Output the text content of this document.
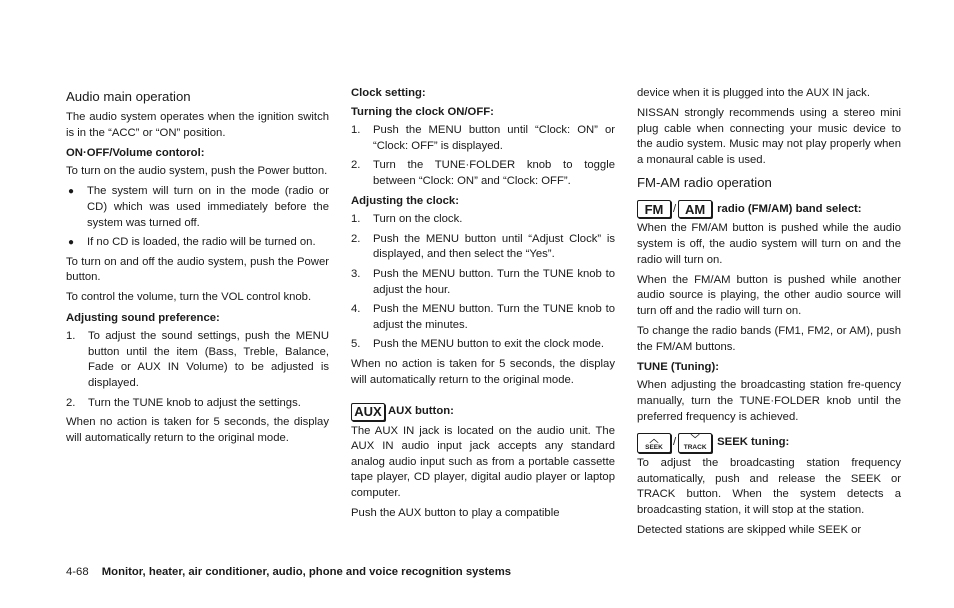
Audio main operation

The audio system operates when the ignition switch is in the “ACC” or “ON” position.

ON·OFF/Volume contorol:

To turn on the audio system, push the Power button.

● The system will turn on in the mode (radio or CD) which was used immediately before the system was turned off.
● If no CD is loaded, the radio will be turned on.

To turn on and off the audio system, push the Power button.

To control the volume, turn the VOL control knob.

Adjusting sound preference:
1. To adjust the sound settings, push the MENU button until the item (Bass, Treble, Balance, Fade or AUX IN Volume) to be adjusted is displayed.
2. Turn the TUNE knob to adjust the settings.

When no action is taken for 5 seconds, the display will automatically return to the original mode.

Clock setting:
Turning the clock ON/OFF:
1. Push the MENU button until “Clock: ON” or “Clock: OFF” is displayed.
2. Turn the TUNE·FOLDER knob to toggle between “Clock: ON” and “Clock: OFF”.
Adjusting the clock:
1. Turn on the clock.
2. Push the MENU button until “Adjust Clock” is displayed, and then select the “Yes”.
3. Push the MENU button. Turn the TUNE knob to adjust the hour.
4. Push the MENU button. Turn the TUNE knob to adjust the minutes.
5. Push the MENU button to exit the clock mode.

When no action is taken for 5 seconds, the display will automatically return to the original mode.

AUX AUX button:

The AUX IN jack is located on the audio unit. The AUX IN audio input jack accepts any standard analog audio input such as from a portable cassette tape player, CD player, digital audio player or laptop computer.

Push the AUX button to play a compatible

device when it is plugged into the AUX IN jack.

NISSAN strongly recommends using a stereo mini plug cable when connecting your music device to the audio system. Music may not play properly when a monaural cable is used.

FM-AM radio operation
FM / AM	radio (FM/AM) band select:

When the FM/AM button is pushed while the audio system is off, the audio system will turn on and the radio will turn on.

When the FM/AM button is pushed while another audio source is playing, the other audio source will turn off and the radio will turn on.

To change the radio bands (FM1, FM2, or AM), push the FM/AM buttons.

TUNE (Tuning):

When adjusting the broadcasting station fre-quency manually, turn the TUNE·FOLDER knob until the preferred frequency is achieved.

︿
SEEK / ﹀
TRACK SEEK tuning:

To adjust the broadcasting station frequency automatically, push and release the SEEK or TRACK button. When the system detects a broadcasting station, it will stop at the station.

Detected stations are skipped while SEEK or

4-68 Monitor, heater, air conditioner, audio, phone and voice recognition systems
